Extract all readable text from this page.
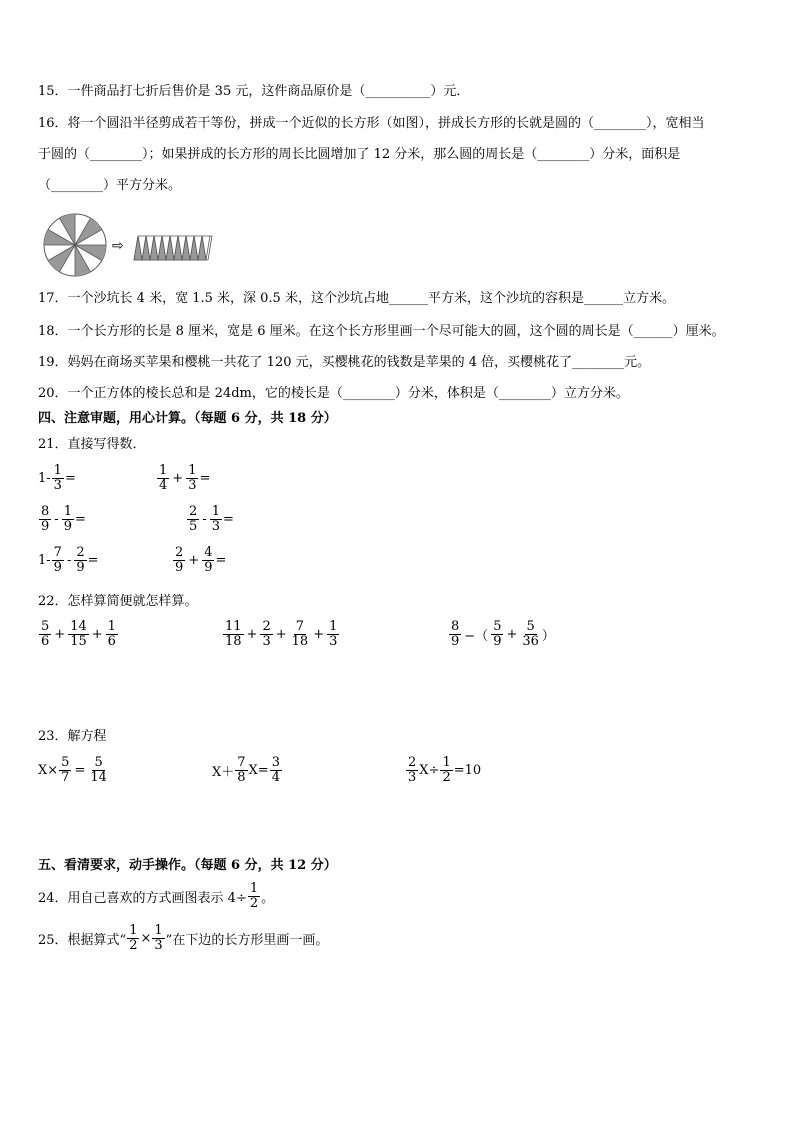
15．一件商品打七折后售价是 35 元，这件商品原价是（__________）元．
16．将一个圆沿半径剪成若干等份，拼成一个近似的长方形（如图），拼成长方形的长就是圆的（________），宽相当
于圆的（________）；如果拼成的长方形的周长比圆增加了 12 分米，那么圆的周长是（________）分米，面积是
（________）平方分米。
⇨
17．一个沙坑长 4 米，宽 1.5 米，深 0.5 米，这个沙坑占地______平方米，这个沙坑的容积是______立方米。
18．一个长方形的长是 8 厘米，宽是 6 厘米。在这个长方形里画一个尽可能大的圆，这个圆的周长是（______）厘米。
19．妈妈在商场买苹果和樱桃一共花了 120 元，买樱桃花的钱数是苹果的 4 倍，买樱桃花了________元。
20．一个正方体的棱长总和是 24dm，它的棱长是（________）分米，体积是（________）立方分米。
四、注意审题，用心计算。（每题 6 分，共 18 分）
21．直接写得数．
$1- \frac{1}{3}$ =	$\frac{1}{4} + \frac{1}{3}$ =
$\frac{8}{9} - \frac{1}{9}$ =	$\frac{2}{5} - \frac{1}{3}$ =
$1- \frac{7}{9} - \frac{2}{9}$ =	$\frac{2}{9} + \frac{4}{9}$ =
22．怎样算简便就怎样算。
$\frac{5}{6} + \frac{14}{15} + \frac{1}{6}$	$\frac{11}{18} + \frac{2}{3} + \frac{7}{18} + \frac{1}{3}$	$\frac{8}{9}$ −（ $\frac{5}{9} + \frac{5}{36}$ ）
23．解方程
$X\times \frac{5}{7} = \frac{5}{14}$	$X+ \frac{7}{8} X= \frac{3}{4}$	$\frac{2}{3} X\div \frac{1}{2} =10$
五、看清要求，动手操作。（每题 6 分，共 12 分）
24．用自己喜欢的方式画图表示 $4\div \frac{1}{2}$ 。
25．根据算式“ $\frac{1}{2} \times \frac{1}{3}$ ”在下边的长方形里画一画。
